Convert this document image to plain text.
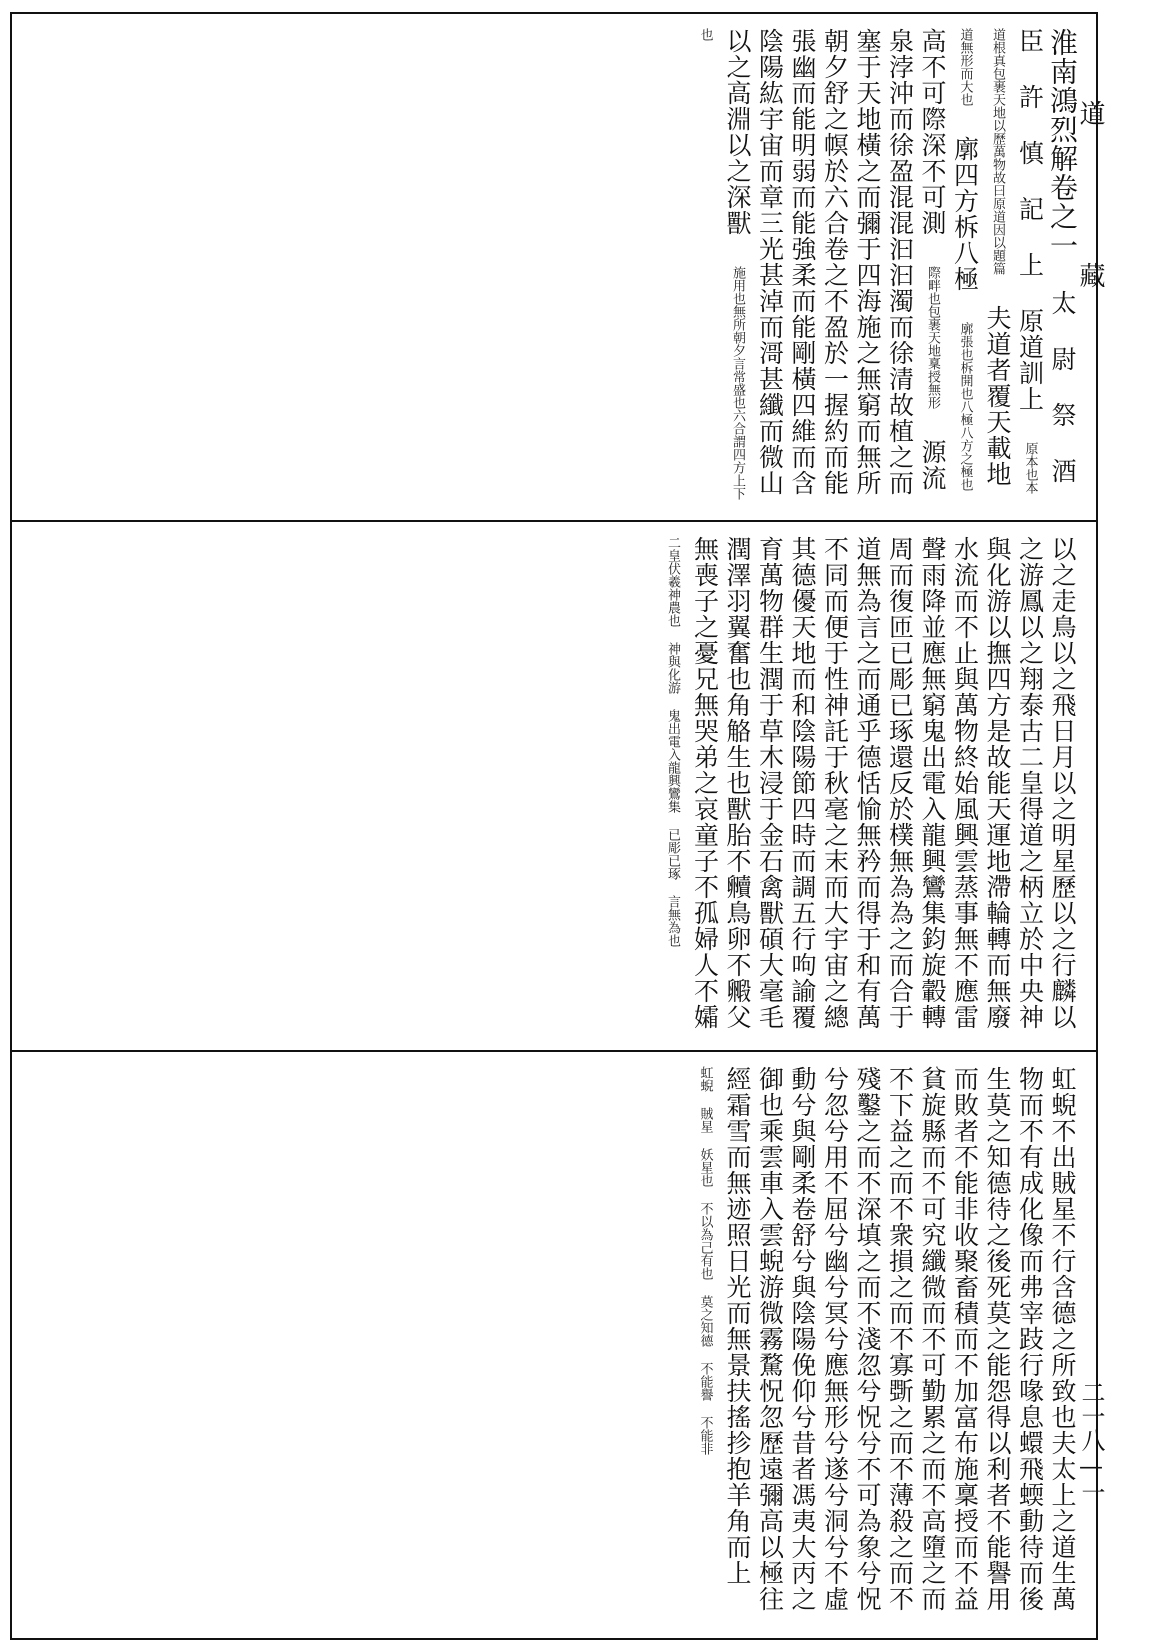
淮南鴻烈解卷之一 太 尉 祭 酒 臣 許 慎 記 上 原道訓上 原本也本道根真包裹天地以歷萬物故曰原道因以題篇 夫道者覆天載地 道無形而大也 廓四方柝八極 廓張也柝開也八極八方之極也 高不可際深不可測 際畔也包裹天地稟授無形 源流泉浡沖而徐盈混混汩汩濁而徐清故植之而塞于天地橫之而彌于四海施之無窮而無所朝夕舒之幎於六合卷之不盈於一握約而能張幽而能明弱而能強柔而能剛橫四維而含陰陽紘宇宙而章三光甚淖而滒甚纖而微山以之高淵以之深獸 施用也無所朝夕言常盛也六合謂四方上下也
以之走鳥以之飛日月以之明星歷以之行麟以之游鳳以之翔泰古二皇得道之柄立於中央神與化游以撫四方是故能天運地滯輪轉而無廢水流而不止與萬物終始風興雲蒸事無不應雷聲雨降並應無窮鬼出電入龍興鸞集鈞旋轂轉周而復匝已彫已琢還反於樸無為為之而合于道無為言之而通乎德恬愉無矜而得于和有萬不同而便于性神託于秋毫之末而大宇宙之總其德優天地而和陰陽節四時而調五行呴諭覆育萬物群生潤于草木浸于金石禽獸碩大毫毛潤澤羽翼奮也角觡生也獸胎不贕鳥卵不毈父無喪子之憂兄無哭弟之哀童子不孤婦人不孀 二皇伏羲神農也 神與化游 鬼出電入龍興鸞集 已彫已琢 言無為也
虹蜺不出賊星不行含德之所致也夫太上之道生萬物而不有成化像而弗宰跂行喙息蠉飛蝡動待而後生莫之知德待之後死莫之能怨得以利者不能譽用而敗者不能非收聚畜積而不加富布施稟授而不益貧旋縣而不可究纖微而不可勤累之而不高墮之而不下益之而不衆損之而不寡斲之而不薄殺之而不殘鑿之而不深填之而不淺忽兮怳兮不可為象兮怳兮忽兮用不屈兮幽兮冥兮應無形兮遂兮洞兮不虛動兮與剛柔卷舒兮與陰陽俛仰兮昔者馮夷大丙之御也乘雲車入雲蜺游微霧騖怳忽歷遠彌高以極往經霜雪而無迹照日光而無景扶搖抮抱羊角而上 虹蜺 賊星 妖星也 不以為己有也 莫之知德 不能譽 不能非
道
藏
二一八—一
